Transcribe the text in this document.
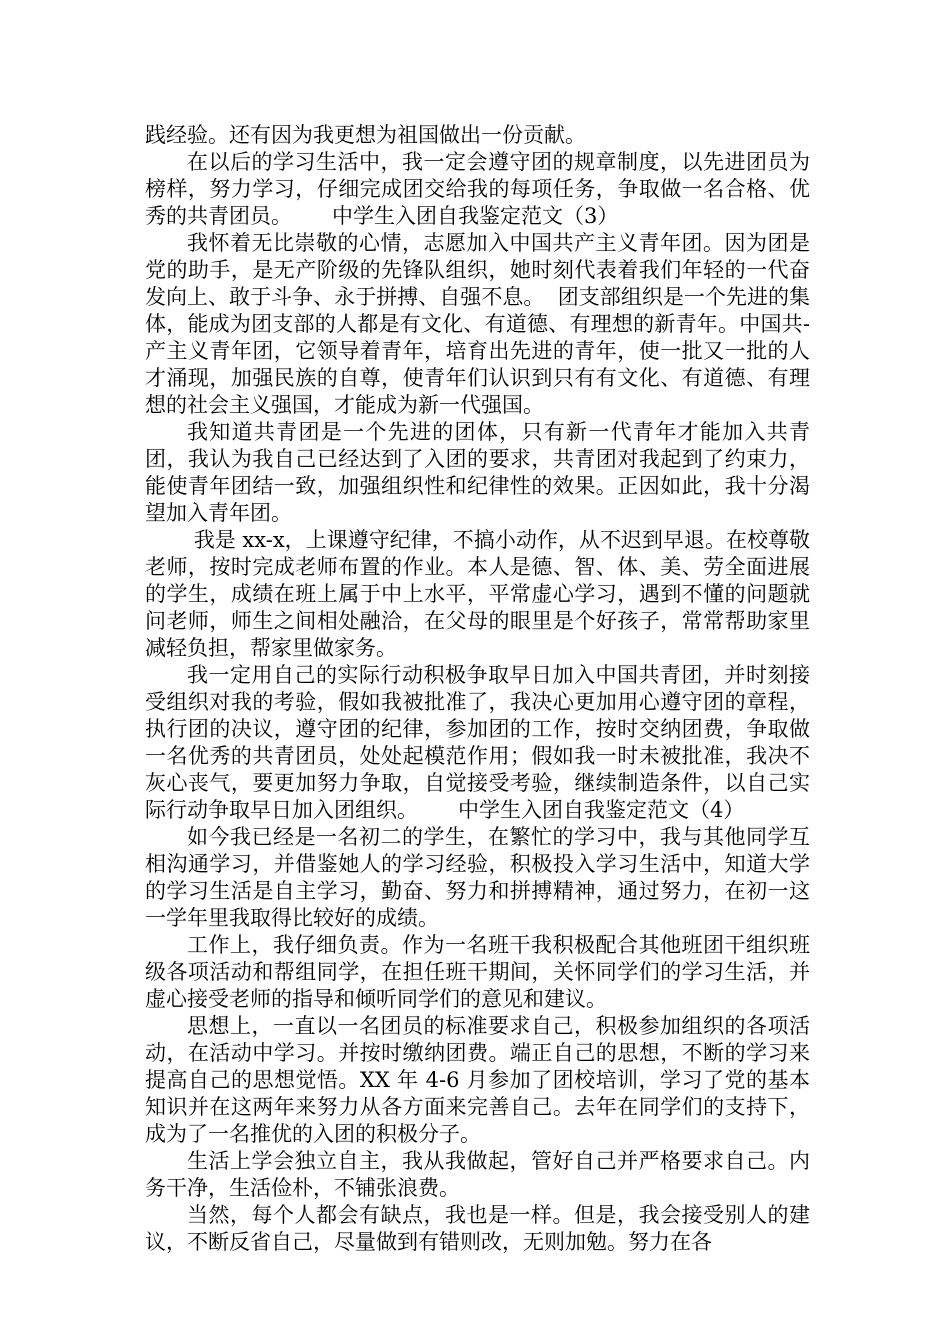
践经验。还有因为我更想为祖国做出一份贡献。

在以后的学习生活中，我一定会遵守团的规章制度，以先进团员为榜样，努力学习，仔细完成团交给我的每项任务，争取做一名合格、优秀的共青团员。      中学生入团自我鉴定范文（3）

我怀着无比崇敬的心情，志愿加入中国共产主义青年团。因为团是党的助手，是无产阶级的先锋队组织，她时刻代表着我们年轻的一代奋发向上、敢于斗争、永于拼搏、自强不息。  团支部组织是一个先进的集体，能成为团支部的人都是有文化、有道德、有理想的新青年。中国共-产主义青年团，它领导着青年，培育出先进的青年，使一批又一批的人才涌现，加强民族的自尊，使青年们认识到只有有文化、有道德、有理想的社会主义强国，才能成为新一代强国。

我知道共青团是一个先进的团体，只有新一代青年才能加入共青团，我认为我自己已经达到了入团的要求，共青团对我起到了约束力，能使青年团结一致，加强组织性和纪律性的效果。正因如此，我十分渴望加入青年团。

我是 xx-x，上课遵守纪律，不搞小动作，从不迟到早退。在校尊敬老师，按时完成老师布置的作业。本人是德、智、体、美、劳全面进展的学生，成绩在班上属于中上水平，平常虚心学习，遇到不懂的问题就问老师，师生之间相处融洽，在父母的眼里是个好孩子，常常帮助家里减轻负担，帮家里做家务。

我一定用自己的实际行动积极争取早日加入中国共青团，并时刻接受组织对我的考验，假如我被批准了，我决心更加用心遵守团的章程，执行团的决议，遵守团的纪律，参加团的工作，按时交纳团费，争取做一名优秀的共青团员，处处起模范作用；假如我一时未被批准，我决不灰心丧气，要更加努力争取，自觉接受考验，继续制造条件，以自己实际行动争取早日加入团组织。      中学生入团自我鉴定范文（4）

如今我已经是一名初二的学生，在繁忙的学习中，我与其他同学互相沟通学习，并借鉴她人的学习经验，积极投入学习生活中，知道大学的学习生活是自主学习，勤奋、努力和拼搏精神，通过努力，在初一这一学年里我取得比较好的成绩。

工作上，我仔细负责。作为一名班干我积极配合其他班团干组织班级各项活动和帮组同学，在担任班干期间，关怀同学们的学习生活，并虚心接受老师的指导和倾听同学们的意见和建议。

思想上，一直以一名团员的标准要求自己，积极参加组织的各项活动，在活动中学习。并按时缴纳团费。端正自己的思想，不断的学习来提高自己的思想觉悟。XX 年 4-6 月参加了团校培训，学习了党的基本知识并在这两年来努力从各方面来完善自己。去年在同学们的支持下，成为了一名推优的入团的积极分子。

生活上学会独立自主，我从我做起，管好自己并严格要求自己。内务干净，生活俭朴，不铺张浪费。

当然，每个人都会有缺点，我也是一样。但是，我会接受别人的建议，不断反省自己，尽量做到有错则改，无则加勉。努力在各
